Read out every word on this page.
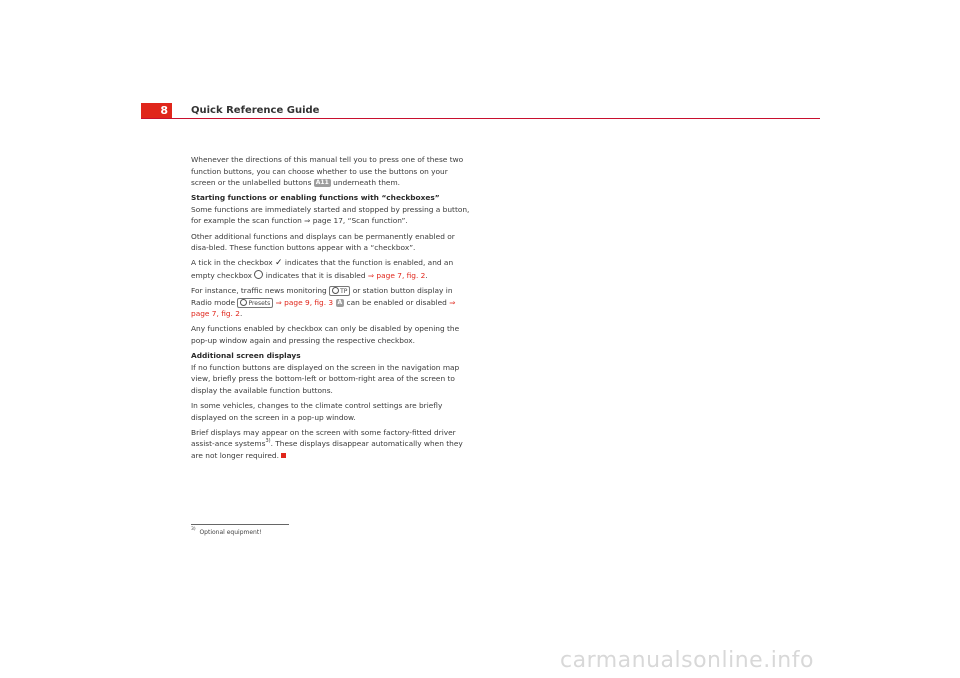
8	Quick Reference Guide

Whenever the directions of this manual tell you to press one of these two function buttons, you can choose whether to use the buttons on your screen or the unlabelled buttons A11 underneath them.

Starting functions or enabling functions with “checkboxes”

Some functions are immediately started and stopped by pressing a button, for example the scan function ⇒ page 17, “Scan function”.

Other additional functions and displays can be permanently enabled or disa-bled. These function buttons appear with a “checkbox”.

A tick in the checkbox ✓ indicates that the function is enabled, and an empty checkbox indicates that it is disabled ⇒ page 7, fig. 2.

For instance, traffic news monitoring TP or station button display in Radio mode Presets ⇒ page 9, fig. 3 A can be enabled or disabled ⇒ page 7, fig. 2.

Any functions enabled by checkbox can only be disabled by opening the pop-up window again and pressing the respective checkbox.

Additional screen displays

If no function buttons are displayed on the screen in the navigation map view, briefly press the bottom-left or bottom-right area of the screen to display the available function buttons.

In some vehicles, changes to the climate control settings are briefly displayed on the screen in a pop-up window.

Brief displays may appear on the screen with some factory-fitted driver assist-ance systems$^{3)}$. These displays disappear automatically when they are not longer required.

$^{3)}$ Optional equipment!
carmanualsonline.info
